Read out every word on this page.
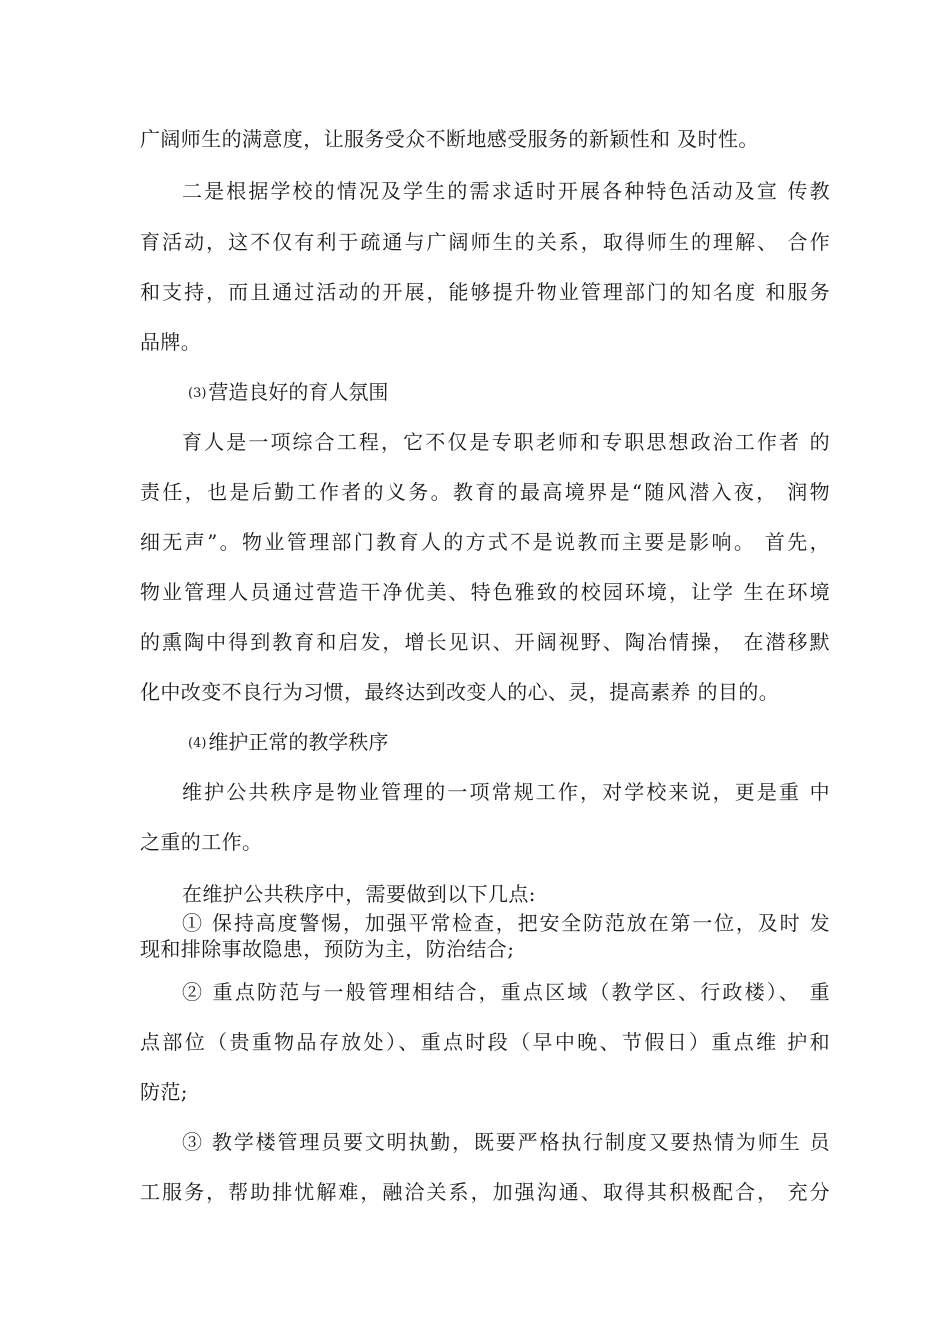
广阔师生的满意度，让服务受众不断地感受服务的新颖性和 及时性。
二是根据学校的情况及学生的需求适时开展各种特色活动及宣 传教
育活动，这不仅有利于疏通与广阔师生的关系，取得师生的理解、 合作
和支持，而且通过活动的开展，能够提升物业管理部门的知名度 和服务
品牌。
(3) 营造良好的育人氛围
育人是一项综合工程，它不仅是专职老师和专职思想政治工作者 的
责任，也是后勤工作者的义务。教育的最高境界是“随风潜入夜， 润物
细无声”。物业管理部门教育人的方式不是说教而主要是影响。 首先，
物业管理人员通过营造干净优美、特色雅致的校园环境，让学 生在环境
的熏陶中得到教育和启发，增长见识、开阔视野、陶冶情操， 在潜移默
化中改变不良行为习惯，最终达到改变人的心、灵，提高素养 的目的。
(4) 维护正常的教学秩序
维护公共秩序是物业管理的一项常规工作，对学校来说，更是重 中
之重的工作。
在维护公共秩序中，需要做到以下几点:
① 保持高度警惕，加强平常检查，把安全防范放在第一位，及时 发
现和排除事故隐患，预防为主，防治结合;
② 重点防范与一般管理相结合，重点区域（教学区、行政楼）、 重
点部位（贵重物品存放处）、重点时段（早中晚、节假日）重点维 护和
防范;
③ 教学楼管理员要文明执勤，既要严格执行制度又要热情为师生 员
工服务，帮助排忧解难，融洽关系，加强沟通、取得其积极配合， 充分
